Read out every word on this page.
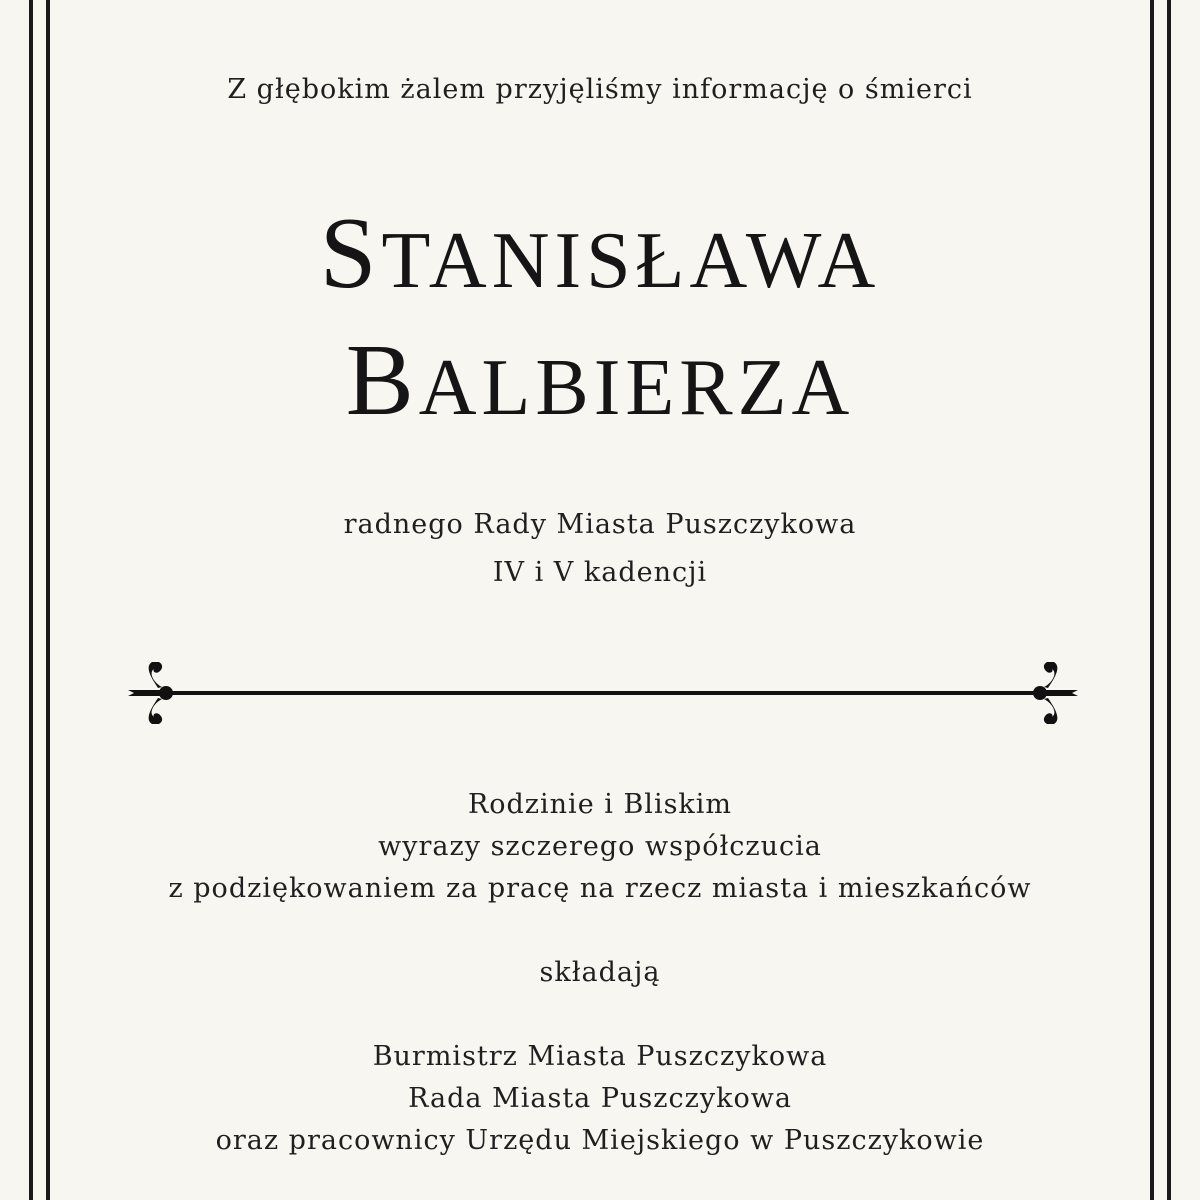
Z głębokim żalem przyjęliśmy informację o śmierci
STANISŁAWA
BALBIERZA
radnego Rady Miasta Puszczykowa
IV i V kadencji
Rodzinie i Bliskim
wyrazy szczerego współczucia
z podziękowaniem za pracę na rzecz miasta i mieszkańców
składają
Burmistrz Miasta Puszczykowa
Rada Miasta Puszczykowa
oraz pracownicy Urzędu Miejskiego w Puszczykowie
